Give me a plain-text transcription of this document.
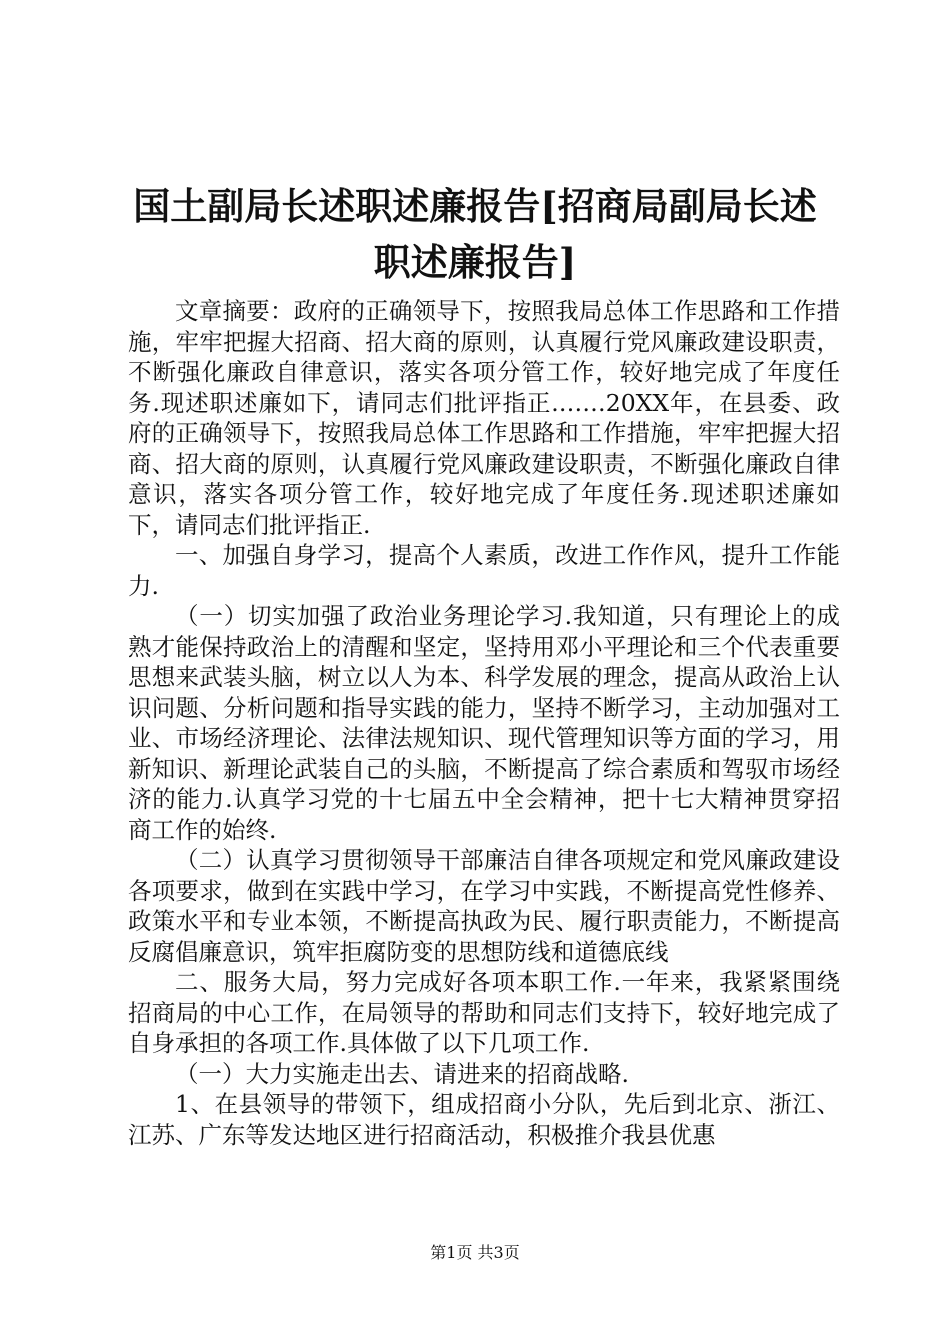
国土副局长述职述廉报告[招商局副局长述职述廉报告]

文章摘要：政府的正确领导下，按照我局总体工作思路和工作措施，牢牢把握大招商、招大商的原则，认真履行党风廉政建设职责，不断强化廉政自律意识，落实各项分管工作，较好地完成了年度任务.现述职述廉如下，请同志们批评指正.……20XX年，在县委、政府的正确领导下，按照我局总体工作思路和工作措施，牢牢把握大招商、招大商的原则，认真履行党风廉政建设职责，不断强化廉政自律意识，落实各项分管工作，较好地完成了年度任务.现述职述廉如下，请同志们批评指正.

一、加强自身学习，提高个人素质，改进工作作风，提升工作能力.

（一）切实加强了政治业务理论学习.我知道，只有理论上的成熟才能保持政治上的清醒和坚定，坚持用邓小平理论和三个代表重要思想来武装头脑，树立以人为本、科学发展的理念，提高从政治上认识问题、分析问题和指导实践的能力，坚持不断学习，主动加强对工业、市场经济理论、法律法规知识、现代管理知识等方面的学习，用新知识、新理论武装自己的头脑，不断提高了综合素质和驾驭市场经济的能力.认真学习党的十七届五中全会精神，把十七大精神贯穿招商工作的始终.

（二）认真学习贯彻领导干部廉洁自律各项规定和党风廉政建设各项要求，做到在实践中学习，在学习中实践，不断提高党性修养、政策水平和专业本领，不断提高执政为民、履行职责能力，不断提高反腐倡廉意识，筑牢拒腐防变的思想防线和道德底线

二、服务大局，努力完成好各项本职工作.一年来，我紧紧围绕招商局的中心工作，在局领导的帮助和同志们支持下，较好地完成了自身承担的各项工作.具体做了以下几项工作.

（一）大力实施走出去、请进来的招商战略.

1、在县领导的带领下，组成招商小分队，先后到北京、浙江、江苏、广东等发达地区进行招商活动，积极推介我县优惠

第1页 共3页
